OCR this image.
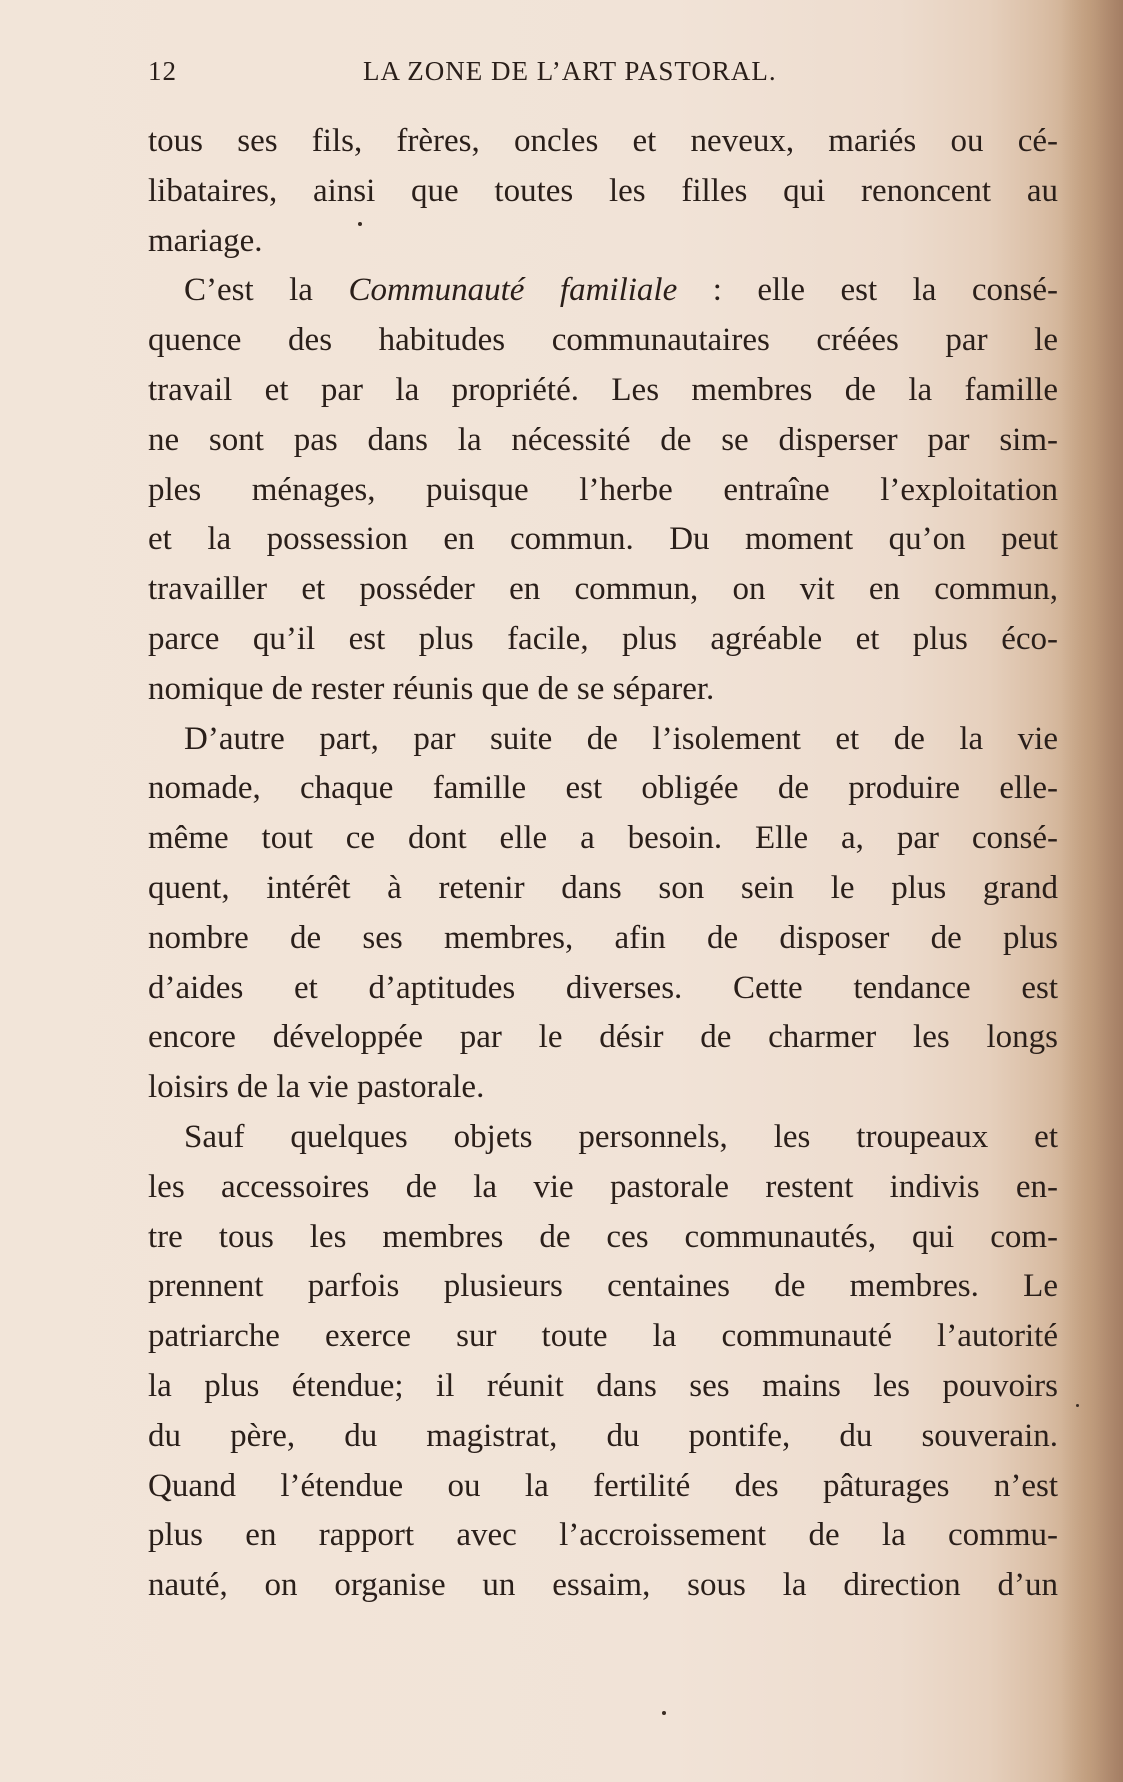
12	LA ZONE DE L’ART PASTORAL.
tous ses fils, frères, oncles et neveux, mariés ou cé-
libataires, ainsi que toutes les filles qui renoncent au
mariage.
C’est la Communauté familiale : elle est la consé-
quence des habitudes communautaires créées par le
travail et par la propriété. Les membres de la famille
ne sont pas dans la nécessité de se disperser par sim-
ples ménages, puisque l’herbe entraîne l’exploitation
et la possession en commun. Du moment qu’on peut
travailler et posséder en commun, on vit en commun,
parce qu’il est plus facile, plus agréable et plus éco-
nomique de rester réunis que de se séparer.
D’autre part, par suite de l’isolement et de la vie
nomade, chaque famille est obligée de produire elle-
même tout ce dont elle a besoin. Elle a, par consé-
quent, intérêt à retenir dans son sein le plus grand
nombre de ses membres, afin de disposer de plus
d’aides et d’aptitudes diverses. Cette tendance est
encore développée par le désir de charmer les longs
loisirs de la vie pastorale.
Sauf quelques objets personnels, les troupeaux et
les accessoires de la vie pastorale restent indivis en-
tre tous les membres de ces communautés, qui com-
prennent parfois plusieurs centaines de membres. Le
patriarche exerce sur toute la communauté l’autorité
la plus étendue; il réunit dans ses mains les pouvoirs
du père, du magistrat, du pontife, du souverain.
Quand l’étendue ou la fertilité des pâturages n’est
plus en rapport avec l’accroissement de la commu-
nauté, on organise un essaim, sous la direction d’un
